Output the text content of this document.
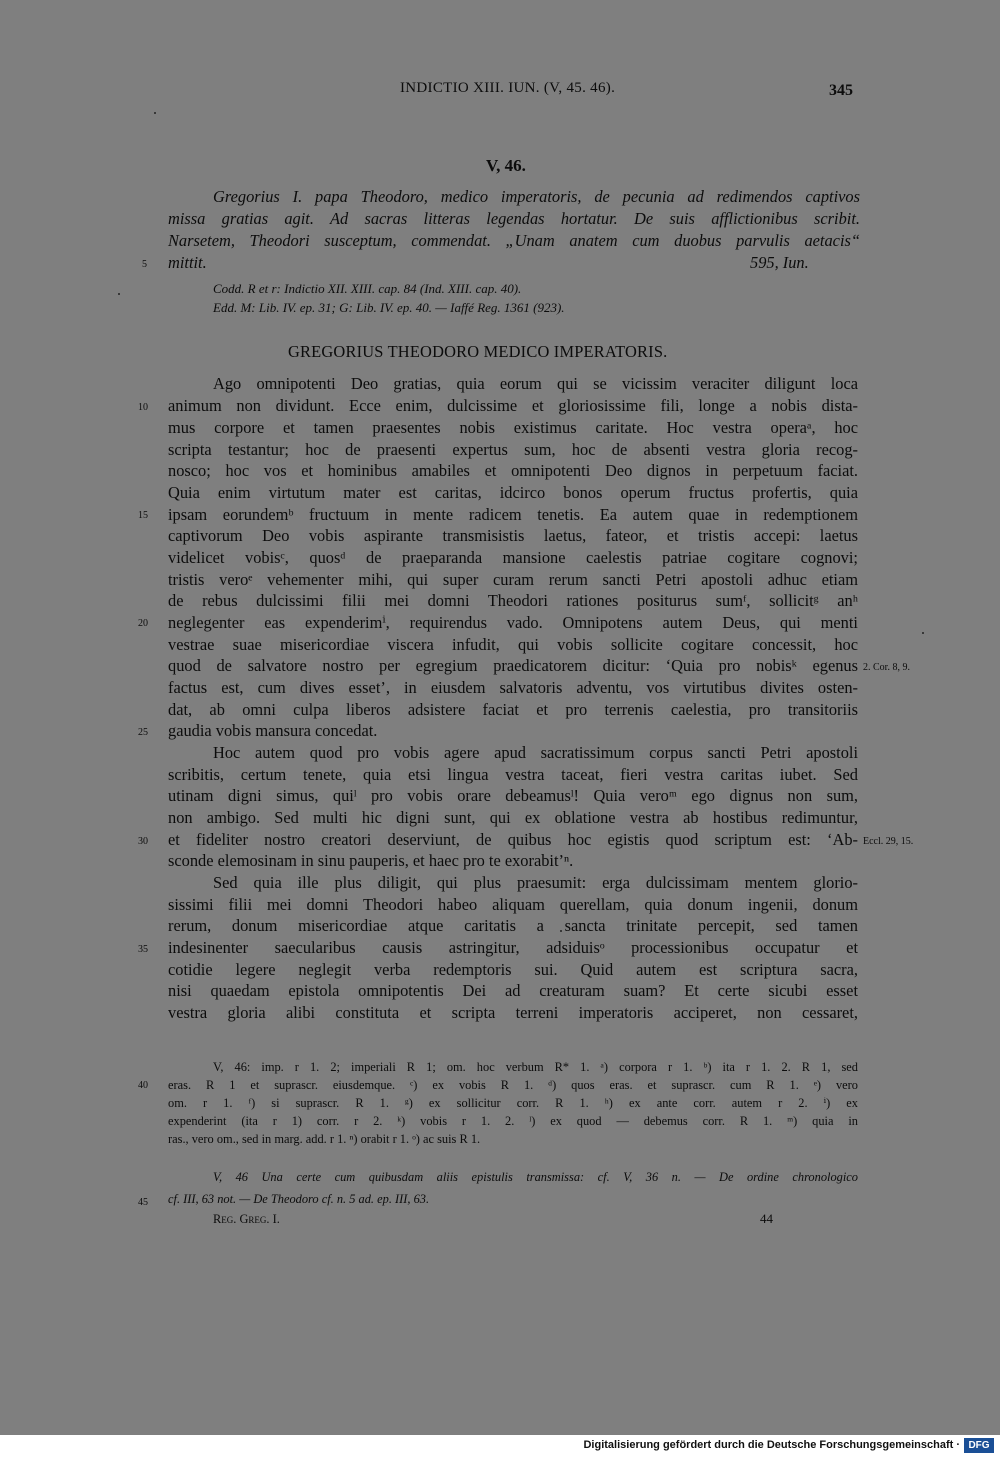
INDICTIO XIII. IUN. (V, 45. 46).	345
V, 46.
Gregorius I. papa Theodoro, medico imperatoris, de pecunia ad redimendos captivos
missa gratias agit. Ad sacras litteras legendas hortatur. De suis afflictionibus scribit.
Narsetem, Theodori susceptum, commendat. „Unam anatem cum duobus parvulis aetacis“
mittit.	595, Iun.
Codd. R et r: Indictio XII. XIII. cap. 84 (Ind. XIII. cap. 40).
Edd. M: Lib. IV. ep. 31; G: Lib. IV. ep. 40. — Iaffé Reg. 1361 (923).
GREGORIUS THEODORO MEDICO IMPERATORIS.
Ago omnipotenti Deo gratias, quia eorum qui se vicissim veraciter diligunt loca
animum non dividunt. Ecce enim, dulcissime et gloriosissime fili, longe a nobis dista-
mus corpore et tamen praesentes nobis existimus caritate. Hoc vestra operaᵃ, hoc
scripta testantur; hoc de praesenti expertus sum, hoc de absenti vestra gloria recog-
nosco; hoc vos et hominibus amabiles et omnipotenti Deo dignos in perpetuum faciat.
Quia enim virtutum mater est caritas, idcirco bonos operum fructus profertis, quia
ipsam eorundemᵇ fructuum in mente radicem tenetis. Ea autem quae in redemptionem
captivorum Deo vobis aspirante transmisistis laetus, fateor, et tristis accepi: laetus
videlicet vobisᶜ, quosᵈ de praeparanda mansione caelestis patriae cogitare cognovi;
tristis veroᵉ vehementer mihi, qui super curam rerum sancti Petri apostoli adhuc etiam
de rebus dulcissimi filii mei domni Theodori rationes positurus sumᶠ, sollicitᵍ anʰ
neglegenter eas expenderimⁱ, requirendus vado. Omnipotens autem Deus, qui menti
vestrae suae misericordiae viscera infudit, qui vobis sollicite cogitare concessit, hoc
quod de salvatore nostro per egregium praedicatorem dicitur: ‘Quia pro nobisᵏ egenus
factus est, cum dives esset’, in eiusdem salvatoris adventu, vos virtutibus divites osten-
dat, ab omni culpa liberos adsistere faciat et pro terrenis caelestia, pro transitoriis
gaudia vobis mansura concedat.
Hoc autem quod pro vobis agere apud sacratissimum corpus sancti Petri apostoli
scribitis, certum tenete, quia etsi lingua vestra taceat, fieri vestra caritas iubet. Sed
utinam digni simus, quiˡ pro vobis orare debeamusˡ! Quia veroᵐ ego dignus non sum,
non ambigo. Sed multi hic digni sunt, qui ex oblatione vestra ab hostibus redimuntur,
et fideliter nostro creatori deserviunt, de quibus hoc egistis quod scriptum est: ‘Ab-
sconde elemosinam in sinu pauperis, et haec pro te exorabit’ⁿ.
Sed quia ille plus diligit, qui plus praesumit: erga dulcissimam mentem glorio-
sissimi filii mei domni Theodori habeo aliquam querellam, quia donum ingenii, donum
rerum, donum misericordiae atque caritatis a sancta trinitate percepit, sed tamen
indesinenter saecularibus causis astringitur, adsiduisᵒ processionibus occupatur et
cotidie legere neglegit verba redemptoris sui. Quid autem est scriptura sacra,
nisi quaedam epistola omnipotentis Dei ad creaturam suam? Et certe sicubi esset
vestra gloria alibi constituta et scripta terreni imperatoris acciperet, non cessaret,
5
10
15
20
25
30
35
40
45
2. Cor. 8, 9.
Eccl. 29, 15.
V, 46: imp. r 1. 2; imperiali R 1; om. hoc verbum R* 1. ᵃ) corpora r 1. ᵇ) ita r 1. 2. R 1, sed
eras. R 1 et suprascr. eiusdemque. ᶜ) ex vobis R 1. ᵈ) quos eras. et suprascr. cum R 1. ᵉ) vero
om. r 1. ᶠ) si suprascr. R 1. ᵍ) ex sollicitur corr. R 1. ʰ) ex ante corr. autem r 2. ⁱ) ex
expenderint (ita r 1) corr. r 2. ᵏ) vobis r 1. 2. ˡ) ex quod — debemus corr. R 1. ᵐ) quia in
ras., vero om., sed in marg. add. r 1. ⁿ) orabit r 1. ᵒ) ac suis R 1.
V, 46 Una certe cum quibusdam aliis epistulis transmissa: cf. V, 36 n. — De ordine chronologico
cf. III, 63 not. — De Theodoro cf. n. 5 ad. ep. III, 63.
Reg. Greg. I.	44
Digitalisierung gefördert durch die Deutsche Forschungsgemeinschaft · DFG
